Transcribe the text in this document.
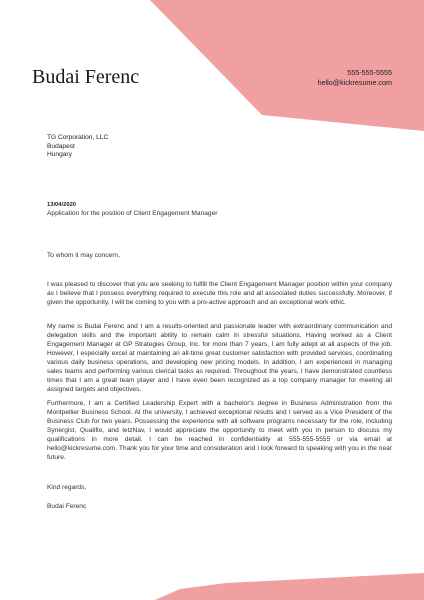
Budai Ferenc	555-555-5555
hello@kickresume.com
TG Corporation, LLC
Budapest
Hungary
13/04/2020
Application for the position of Client Engagement Manager
To whom it may concern,

I was pleased to discover that you are seeking to fulfill the Client Engagement Manager position within your company as I believe that I possess everything required to execute this role and all associated duties successfully. Moreover, if given the opportunity, I will be coming to you with a pro-active approach and an exceptional work ethic.

My name is Budai Ferenc and I am a results-oriented and passionate leader with extraordinary communication and delegation skills and the important ability to remain calm in stressful situations. Having worked as a Client Engagement Manager at GP Strategies Group, Inc. for more than 7 years, I am fully adept at all aspects of the job. However, I especially excel at maintaining an all-time great customer satisfaction with provided services, coordinating various daily business operations, and developing new pricing models. In addition, I am experienced in managing sales teams and performing various clerical tasks as required. Throughout the years, I have demonstrated countless times that I am a great team player and I have even been recognized as a top company manager for meeting all assigned targets and objectives.

Furthermore, I am a Certified Leadership Expert with a bachelor's degree in Business Administration from the Montpellier Business School. At the university, I achieved exceptional results and I served as a Vice President of the Business Club for two years. Possessing the experience with all software programs necessary for the role, including Synergist, Qualifio, and letzNav, I would appreciate the opportunity to meet with you in person to discuss my qualifications in more detail. I can be reached in confidentiality at 555-555-5555 or via email at hello@kickresume.com. Thank you for your time and consideration and I look forward to speaking with you in the near future.

Kind regards,
Budai Ferenc
